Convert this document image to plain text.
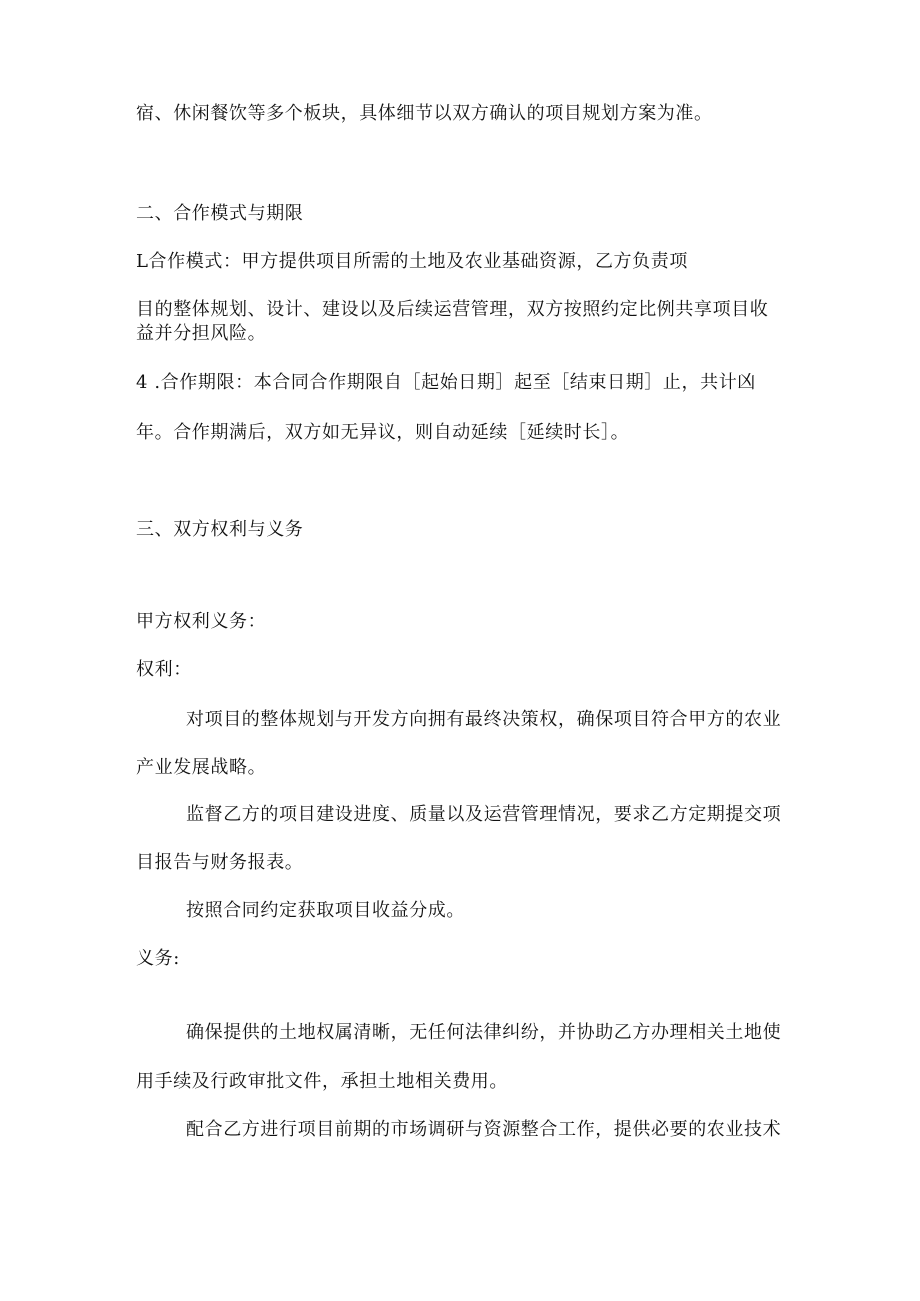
宿、休闲餐饮等多个板块，具体细节以双方确认的项目规划方案为准。
二、合作模式与期限
L合作模式：甲方提供项目所需的土地及农业基础资源，乙方负责项
目的整体规划、设计、建设以及后续运营管理，双方按照约定比例共享项目收
益并分担风险。
4 .合作期限：本合同合作期限自［起始日期］起至［结束日期］止，共计凶
年。合作期满后，双方如无异议，则自动延续［延续时长］。
三、双方权利与义务
甲方权利义务：
权利：
对项目的整体规划与开发方向拥有最终决策权，确保项目符合甲方的农业
产业发展战略。
监督乙方的项目建设进度、质量以及运营管理情况，要求乙方定期提交项
目报告与财务报表。
按照合同约定获取项目收益分成。
义务:
确保提供的土地权属清晰，无任何法律纠纷，并协助乙方办理相关土地使
用手续及行政审批文件，承担土地相关费用。
配合乙方进行项目前期的市场调研与资源整合工作，提供必要的农业技术
